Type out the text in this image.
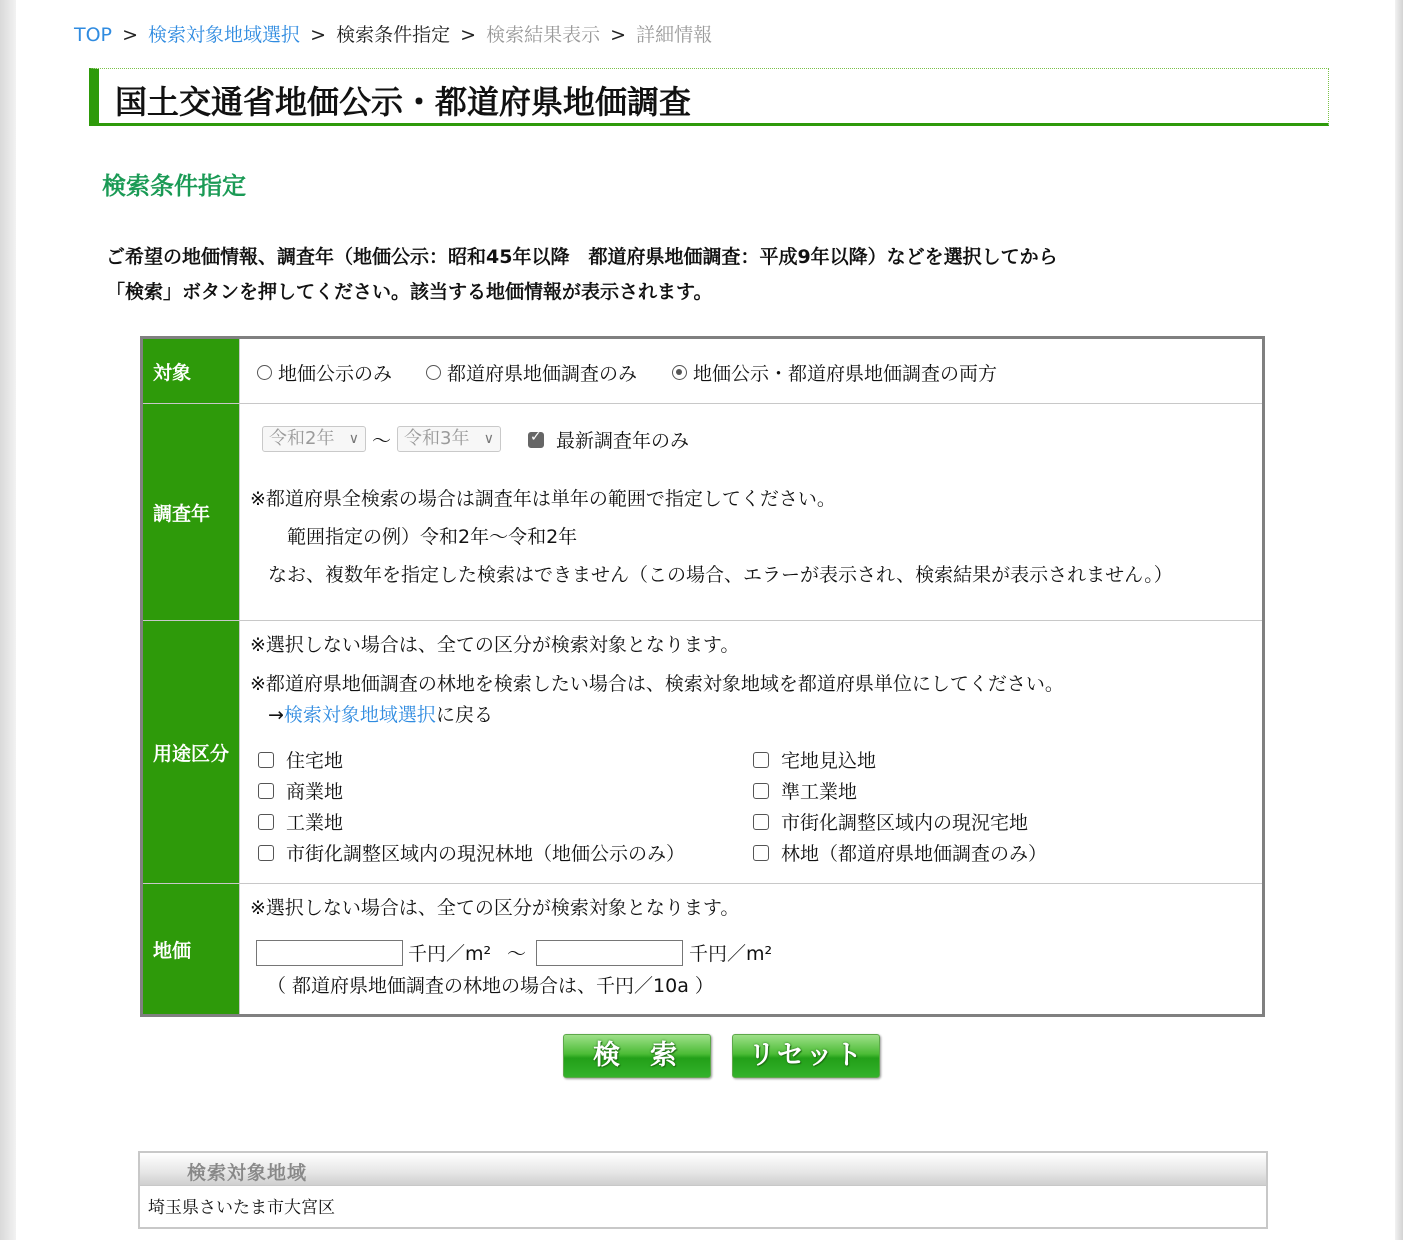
TOP > 検索対象地域選択 > 検索条件指定 > 検索結果表示 > 詳細情報
国土交通省地価公示・都道府県地価調査
検索条件指定
ご希望の地価情報、調査年（地価公示：昭和45年以降　都道府県地価調査：平成9年以降）などを選択してから
「検索」ボタンを押してください。該当する地価情報が表示されます。
対象	地価公示のみ	都道府県地価調査のみ	地価公示・都道府県地価調査の両方
調査年
令和2年 ∨ ～ 令和3年 ∨
✓	最新調査年のみ
※都道府県全検索の場合は調査年は単年の範囲で指定してください。
範囲指定の例）令和2年～令和2年
なお、複数年を指定した検索はできません（この場合、エラーが表示され、検索結果が表示されません。）
用途区分
※選択しない場合は、全ての区分が検索対象となります。
※都道府県地価調査の林地を検索したい場合は、検索対象地域を都道府県単位にしてください。
→検索対象地域選択に戻る
住宅地
商業地
工業地
市街化調整区域内の現況林地（地価公示のみ）
宅地見込地
準工業地
市街化調整区域内の現況宅地
林地（都道府県地価調査のみ）
地価
※選択しない場合は、全ての区分が検索対象となります。
千円／m² ～	千円／m²
（ 都道府県地価調査の林地の場合は、千円／10a ）
検索	リセット
検索対象地域
埼玉県さいたま市大宮区
